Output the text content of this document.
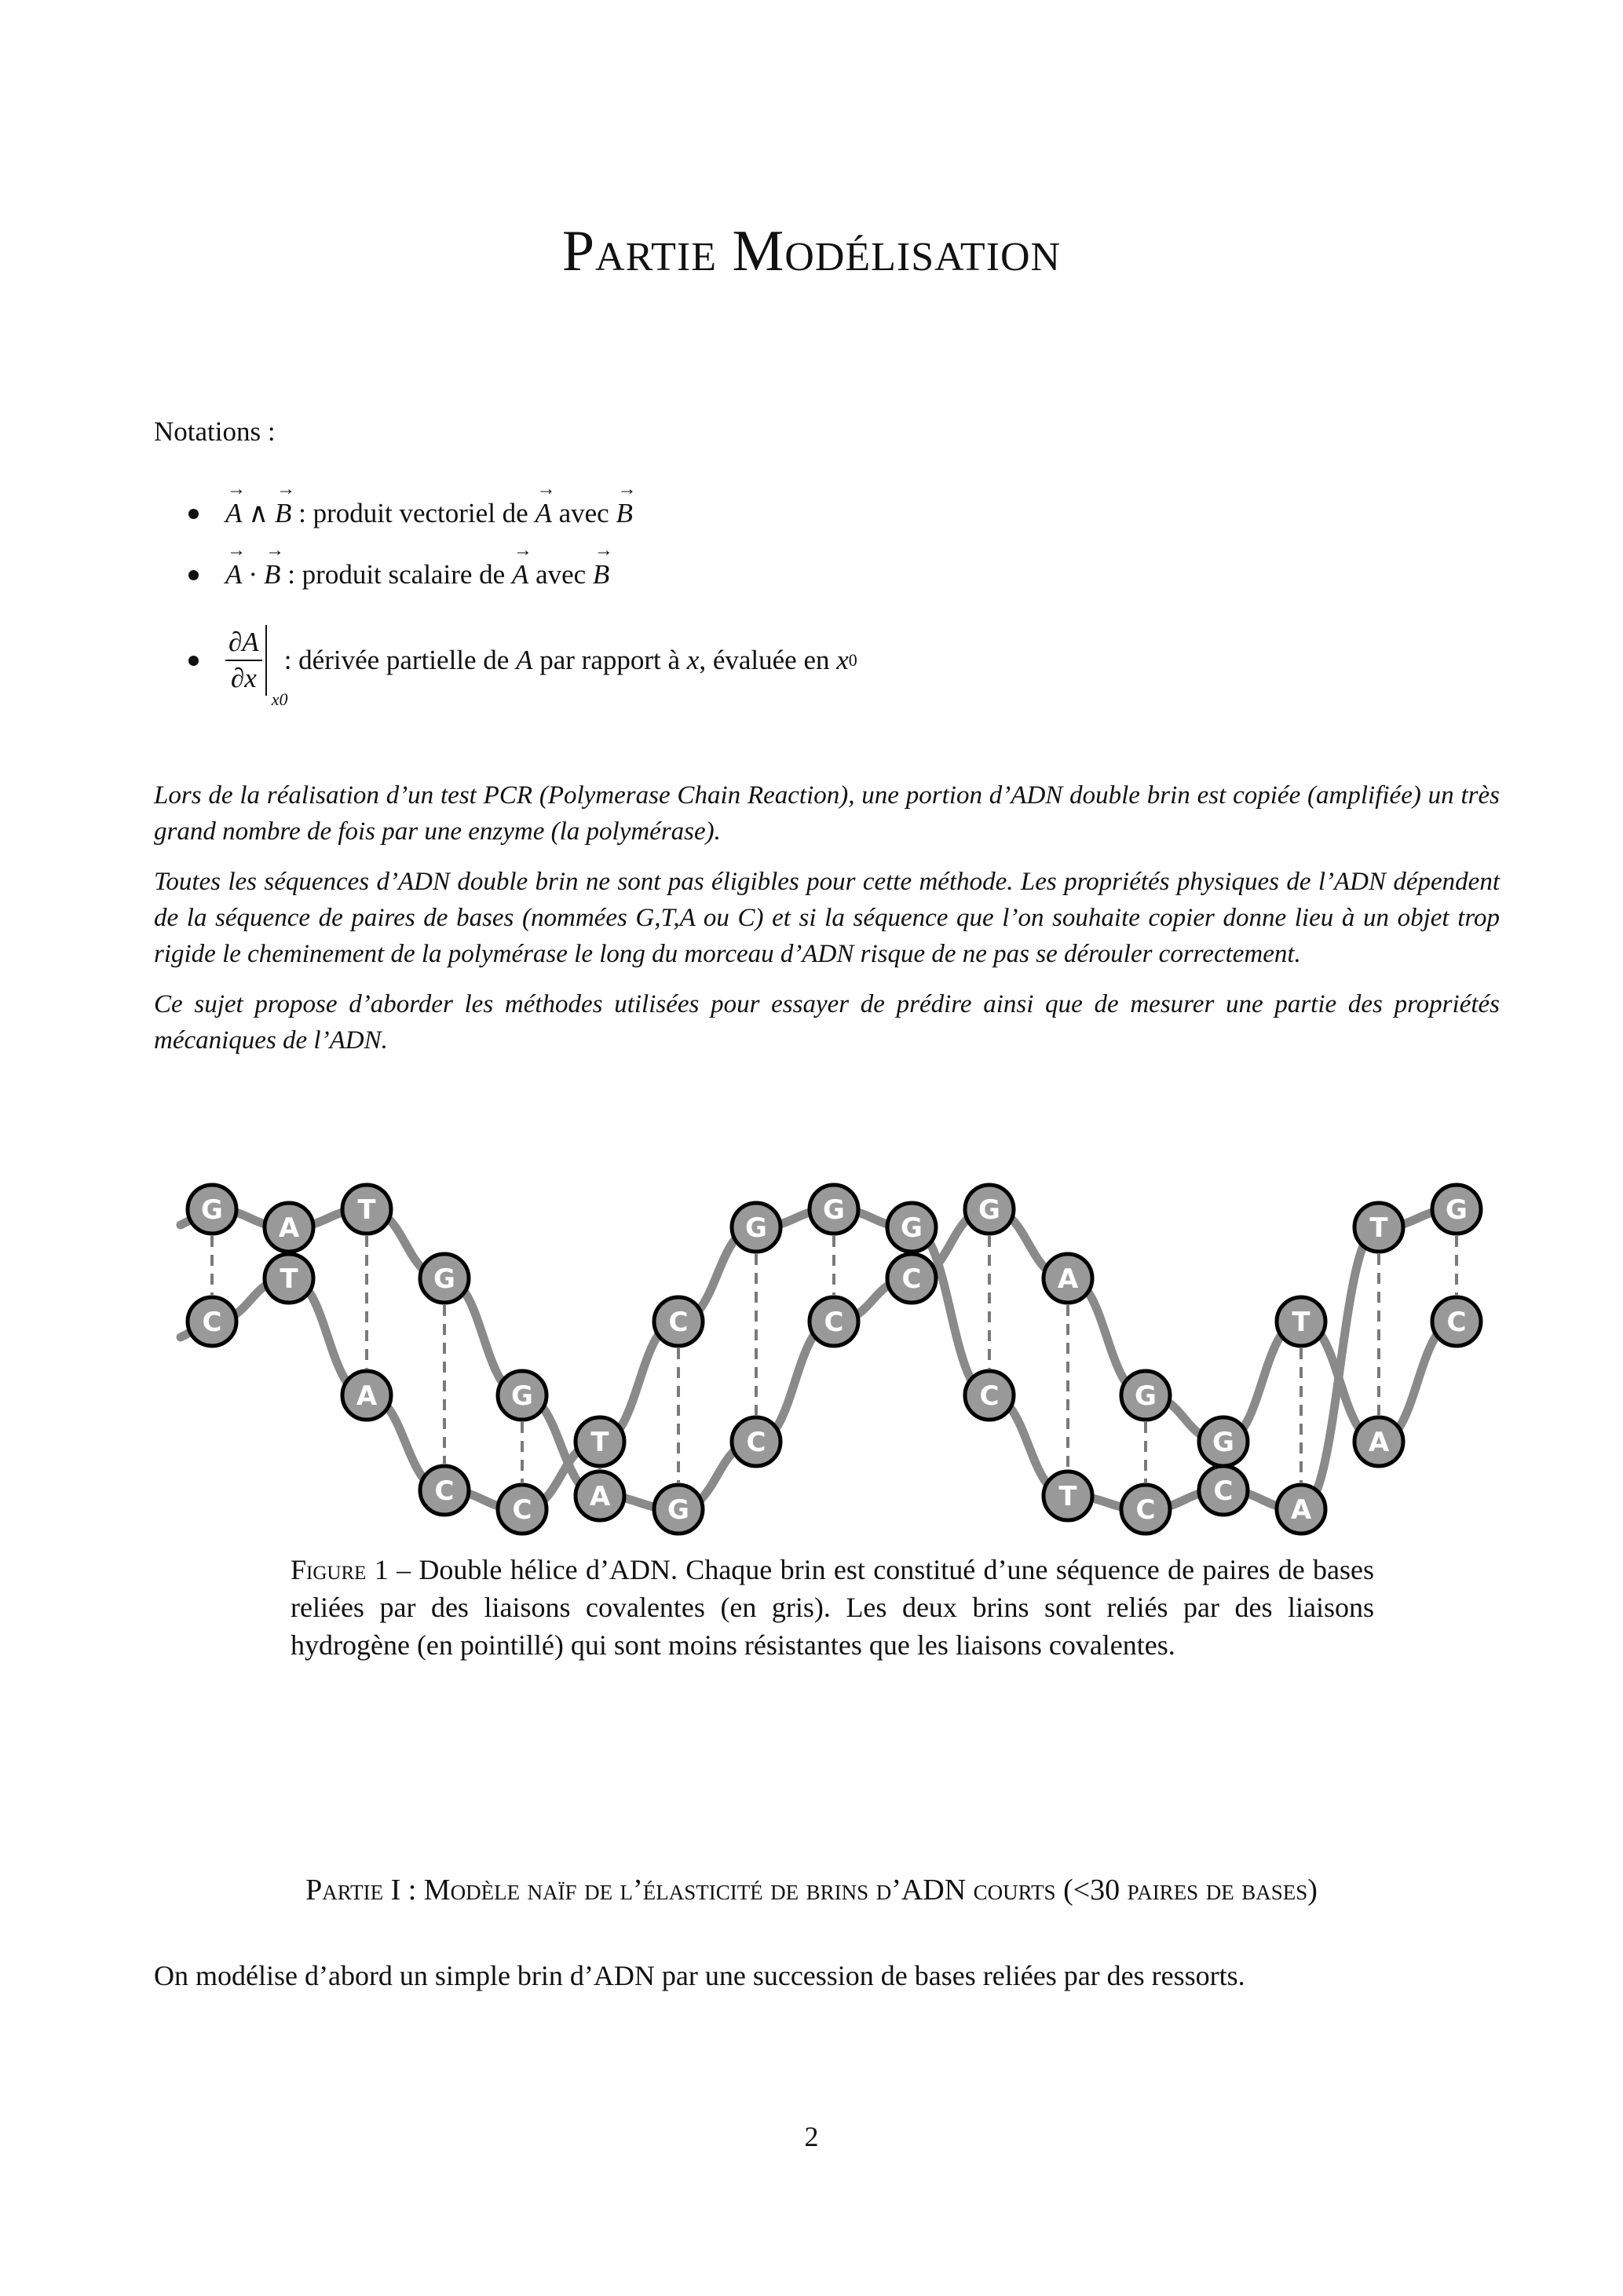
Partie Modélisation
Notations :
→ A ∧ → B : produit vectoriel de → A avec → B
→ A · → B : produit scalaire de → A avec → B
$\frac{\partial A}{\partial x}$
x0
: dérivée partielle de A par rapport à x , évaluée en x 0

Lors de la réalisation d’un test PCR (Polymerase Chain Reaction), une portion d’ADN double brin est copiée (amplifiée) un très grand nombre de fois par une enzyme (la polymérase).

Toutes les séquences d’ADN double brin ne sont pas éligibles pour cette méthode. Les propriétés physiques de l’ADN dépendent de la séquence de paires de bases (nommées G,T,A ou C) et si la séquence que l’on souhaite copier donne lieu à un objet trop rigide le cheminement de la polymérase le long du morceau d’ADN risque de ne pas se dérouler correctement.

Ce sujet propose d’aborder les méthodes utilisées pour essayer de prédire ainsi que de mesurer une partie des propriétés mécaniques de l’ADN.

G
C
A
T
T
A
G
C
G
C
T
A
C
G
G
C
G
C
G
C
G
C
A
T
G
C
G
C
T
A
T
A
G
C
Figure 1 – Double hélice d’ADN. Chaque brin est constitué d’une séquence de paires de bases reliées par des liaisons covalentes (en gris). Les deux brins sont reliés par des liaisons hydrogène (en pointillé) qui sont moins résistantes que les liaisons covalentes.
Partie I : Modèle naïf de l’élasticité de brins d’ADN courts (<30 paires de bases)
On modélise d’abord un simple brin d’ADN par une succession de bases reliées par des ressorts.
2
